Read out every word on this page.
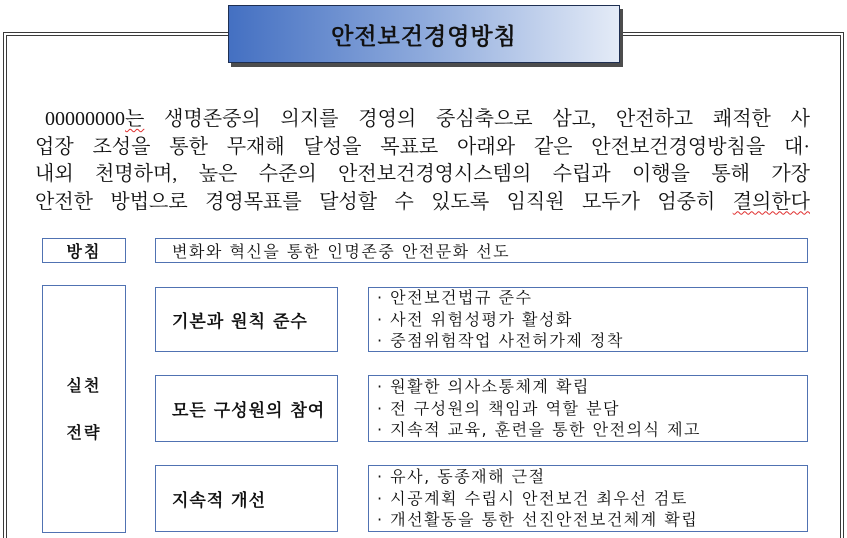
안전보건경영방침
00000000는 생명존중의 의지를 경영의 중심축으로 삼고, 안전하고 쾌적한 사
업장 조성을 통한 무재해 달성을 목표로 아래와 같은 안전보건경영방침을 대·
내외 천명하며, 높은 수준의 안전보건경영시스템의 수립과 이행을 통해 가장
안전한 방법으로 경영목표를 달성할 수 있도록 임직원 모두가 엄중히 결의한다
방침	변화와 혁신을 통한 인명존중 안전문화 선도
실천
전략
기본과 원칙 준수
· 안전보건법규 준수
· 사전 위험성평가 활성화
· 중점위험작업 사전허가제 정착
모든 구성원의 참여
· 원활한 의사소통체계 확립
· 전 구성원의 책임과 역할 분담
· 지속적 교육, 훈련을 통한 안전의식 제고
지속적 개선
· 유사, 동종재해 근절
· 시공계획 수립시 안전보건 최우선 검토
· 개선활동을 통한 선진안전보건체계 확립
